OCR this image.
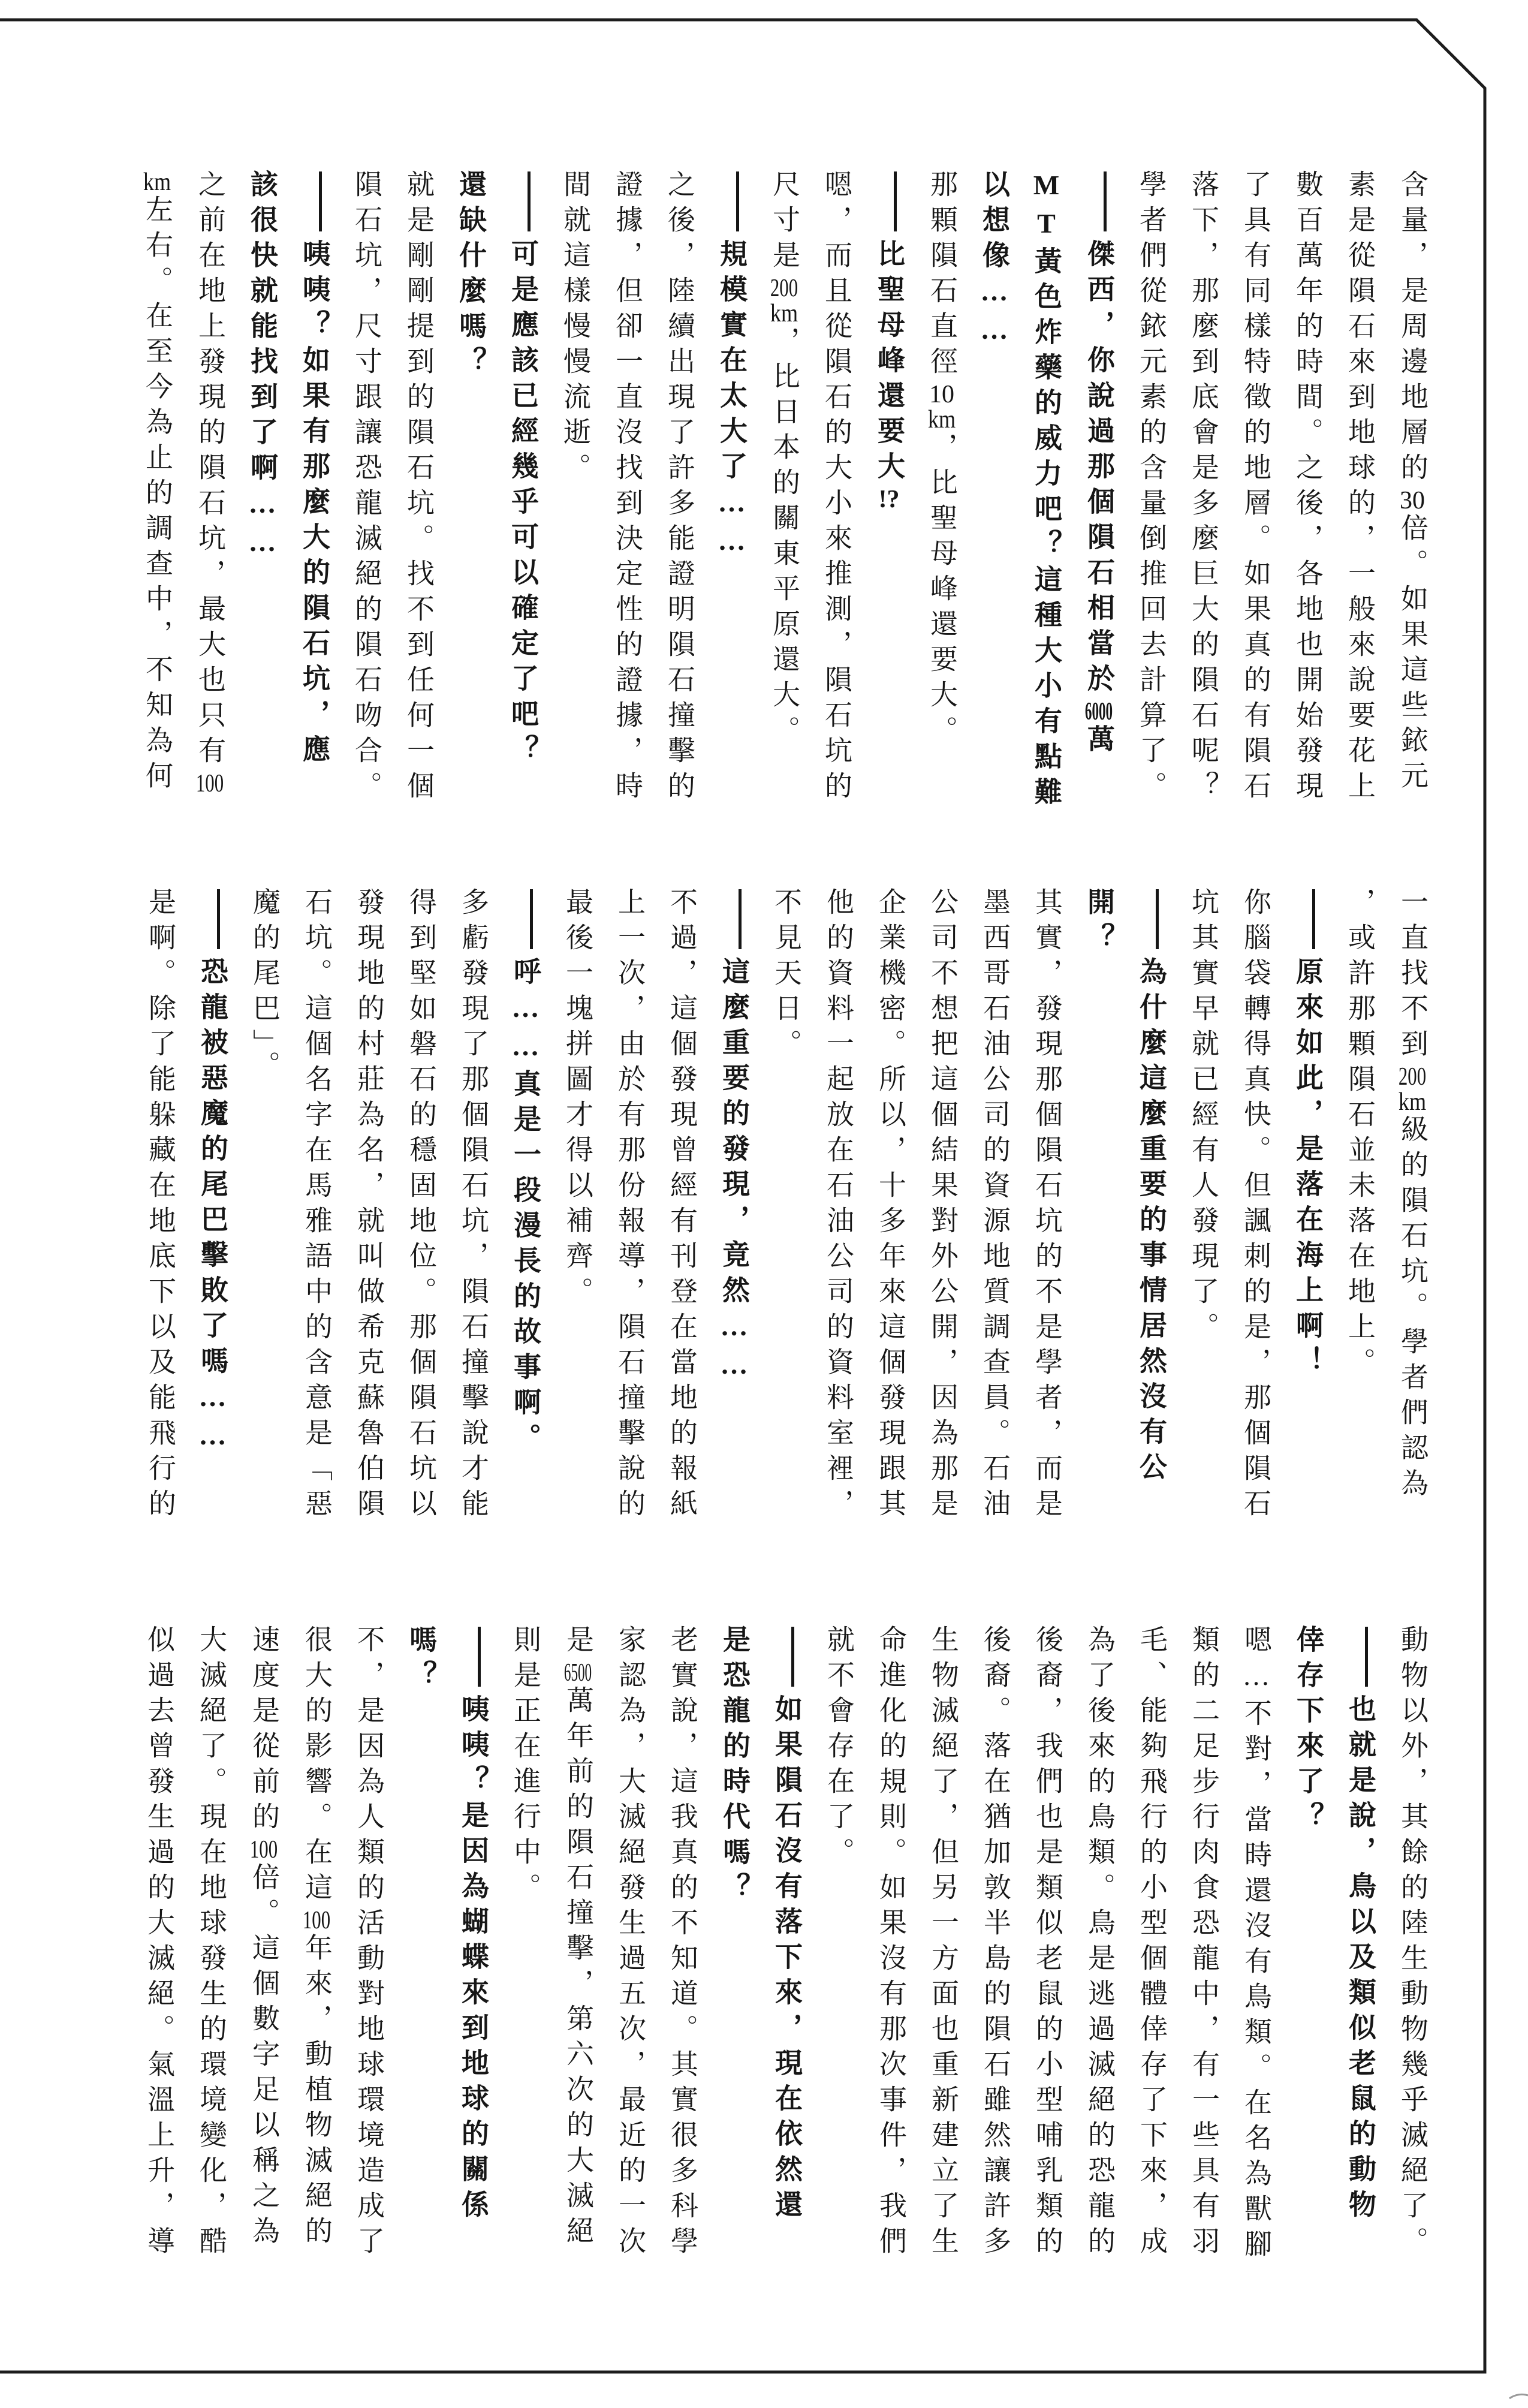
含量，是周邊地層的30倍。如果這些銥元

素是從隕石來到地球的，一般來說要花上

數百萬年的時間。之後，各地也開始發現

了具有同樣特徵的地層。如果真的有隕石

落下，那麼到底會是多麼巨大的隕石呢？

學者們從銥元素的含量倒推回去計算了。

傑西，你說過那個隕石相當於6000萬

MT黃色炸藥的威力吧？這種大小有點難

以想像……

那顆隕石直徑10km，比聖母峰還要大。

比聖母峰還要大!?

嗯，而且從隕石的大小來推測，隕石坑的

尺寸是200km，比日本的關東平原還大。

規模實在太大了……

之後，陸續出現了許多能證明隕石撞擊的

證據，但卻一直沒找到決定性的證據，時

間就這樣慢慢流逝。

可是應該已經幾乎可以確定了吧？

還缺什麼嗎？

就是剛剛提到的隕石坑。找不到任何一個

隕石坑，尺寸跟讓恐龍滅絕的隕石吻合。

咦咦？如果有那麼大的隕石坑，應

該很快就能找到了啊……

之前在地上發現的隕石坑，最大也只有100

km左右。在至今為止的調查中，不知為何

一直找不到200km級的隕石坑。學者們認為

，或許那顆隕石並未落在地上。

原來如此，是落在海上啊！

你腦袋轉得真快。但諷刺的是，那個隕石

坑其實早就已經有人發現了。

為什麼這麼重要的事情居然沒有公

開？

其實，發現那個隕石坑的不是學者，而是

墨西哥石油公司的資源地質調查員。石油

公司不想把這個結果對外公開，因為那是

企業機密。所以，十多年來這個發現跟其

他的資料一起放在石油公司的資料室裡，

不見天日。

這麼重要的發現，竟然……

不過，這個發現曾經有刊登在當地的報紙

上一次，由於有那份報導，隕石撞擊說的

最後一塊拼圖才得以補齊。

呼……真是一段漫長的故事啊。

多虧發現了那個隕石坑，隕石撞擊說才能

得到堅如磐石的穩固地位。那個隕石坑以

發現地的村莊為名，就叫做希克蘇魯伯隕

石坑。這個名字在馬雅語中的含意是「惡

魔的尾巴」。

恐龍被惡魔的尾巴擊敗了嗎……

是啊。除了能躲藏在地底下以及能飛行的

動物以外，其餘的陸生動物幾乎滅絕了。

也就是說，鳥以及類似老鼠的動物

倖存下來了？

嗯…不對，當時還沒有鳥類。在名為獸腳

類的二足步行肉食恐龍中，有一些具有羽

毛、能夠飛行的小型個體倖存了下來，成

為了後來的鳥類。鳥是逃過滅絕的恐龍的

後裔，我們也是類似老鼠的小型哺乳類的

後裔。落在猶加敦半島的隕石雖然讓許多

生物滅絕了，但另一方面也重新建立了生

命進化的規則。如果沒有那次事件，我們

就不會存在了。

如果隕石沒有落下來，現在依然還

是恐龍的時代嗎？

老實說，這我真的不知道。其實很多科學

家認為，大滅絕發生過五次，最近的一次

是6500萬年前的隕石撞擊，第六次的大滅絕

則是正在進行中。

咦咦？是因為蝴蝶來到地球的關係

嗎？

不，是因為人類的活動對地球環境造成了

很大的影響。在這100年來，動植物滅絕的

速度是從前的100倍。這個數字足以稱之為

大滅絕了。現在地球發生的環境變化，酷

似過去曾發生過的大滅絕。氣溫上升，導
